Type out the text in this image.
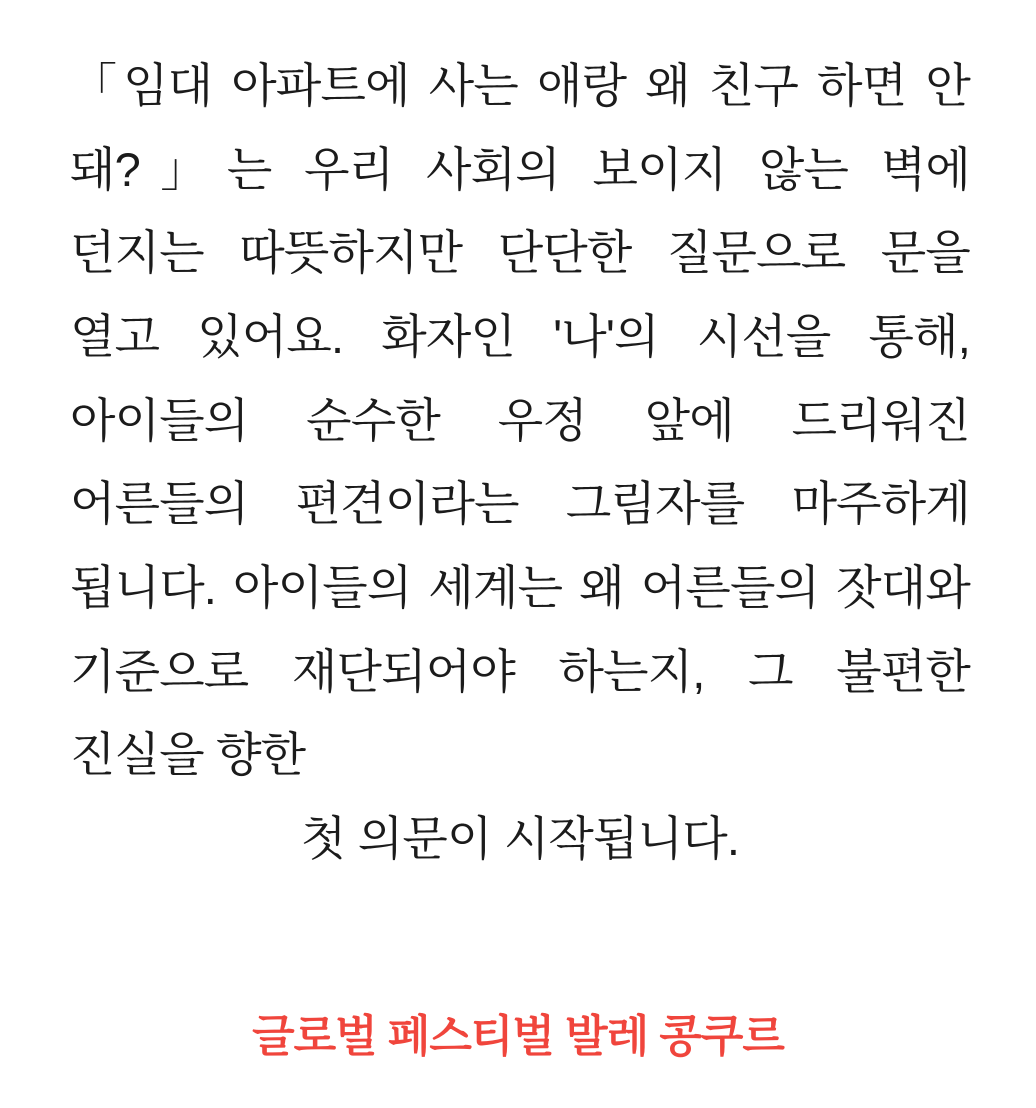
「임대 아파트에 사는 애랑 왜 친구 하면 안 돼?」는 우리 사회의 보이지 않는 벽에 던지는 따뜻하지만 단단한 질문으로 문을 열고 있어요. 화자인 '나'의 시선을 통해,  아이들의 순수한 우정 앞에 드리워진 어른들의 편견이라는 그림자를 마주하게 됩니다. 아이들의 세계는 왜 어른들의 잣대와 기준으로 재단되어야 하는지, 그 불편한 진실을 향한
첫 의문이 시작됩니다.
글로벌 페스티벌 발레 콩쿠르
